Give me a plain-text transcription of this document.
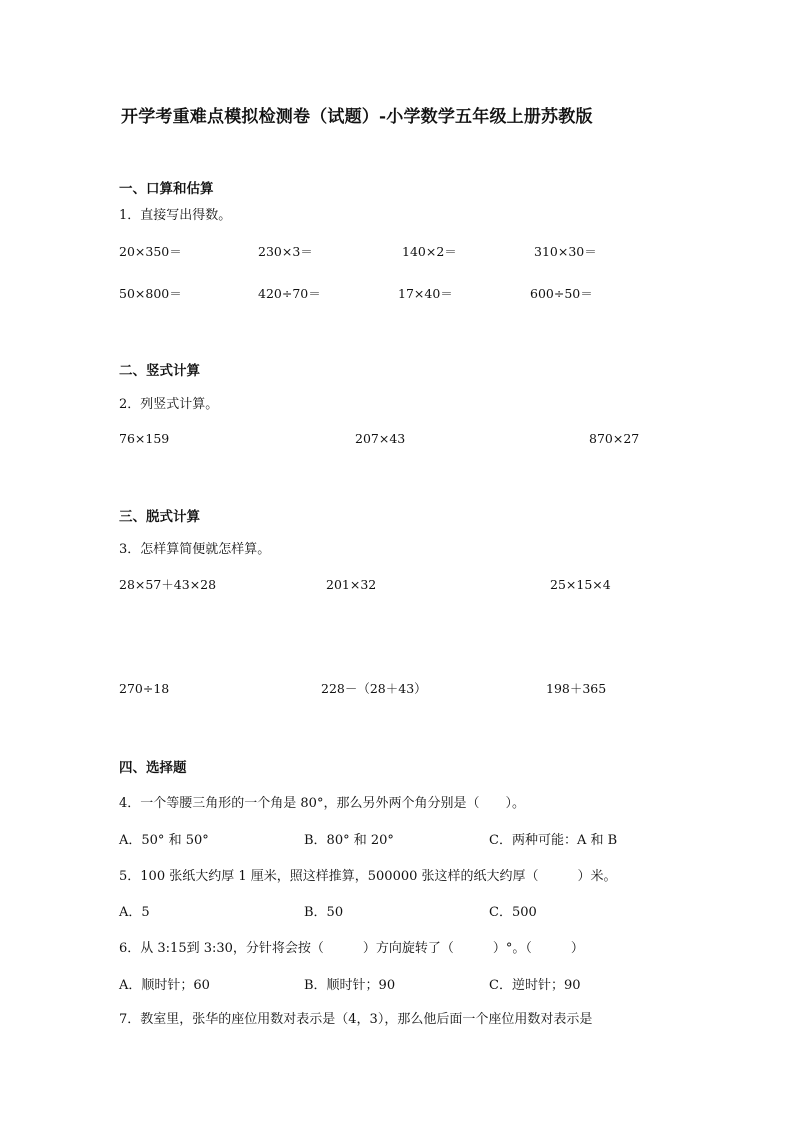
开学考重难点模拟检测卷（试题）-小学数学五年级上册苏教版
一、口算和估算
1．直接写出得数。
20×350＝	230×3＝	140×2＝	310×30＝
50×800＝	420÷70＝	17×40＝	600÷50＝
二、竖式计算
2．列竖式计算。
76×159	207×43	870×27
三、脱式计算
3．怎样算简便就怎样算。
28×57＋43×28	201×32	25×15×4
270÷18	228－（28＋43）	198＋365
四、选择题
4．一个等腰三角形的一个角是 80°，那么另外两个角分别是（　　）。
A．50° 和 50°	B．80° 和 20°	C．两种可能：A 和 B
5．100 张纸大约厚 1 厘米，照这样推算，500000 张这样的纸大约厚（　　　）米。
A．5	B．50	C．500
6．从 3:15到 3:30，分针将会按（　　　）方向旋转了（　　　）°。（　　　）
A．顺时针；60	B．顺时针；90	C．逆时针；90
7．教室里，张华的座位用数对表示是（4，3），那么他后面一个座位用数对表示是
